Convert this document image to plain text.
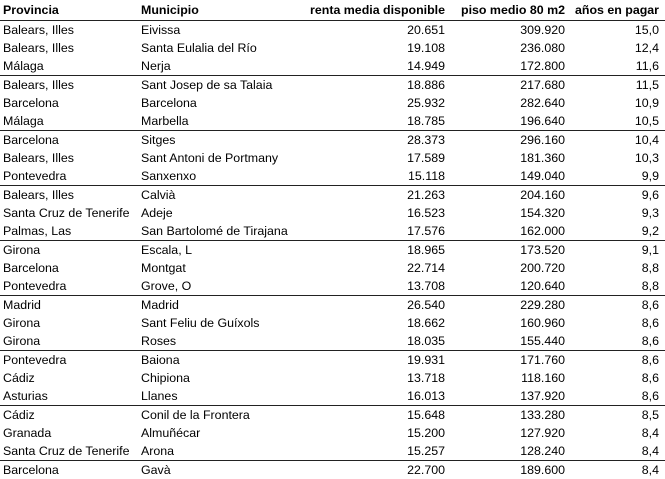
Provincia	Municipio	renta media disponible	piso medio 80 m2	años en pagar
Balears, Illes	Eivissa	20.651	309.920	15,0
Balears, Illes	Santa Eulalia del Río	19.108	236.080	12,4
Málaga	Nerja	14.949	172.800	11,6
Balears, Illes	Sant Josep de sa Talaia	18.886	217.680	11,5
Barcelona	Barcelona	25.932	282.640	10,9
Málaga	Marbella	18.785	196.640	10,5
Barcelona	Sitges	28.373	296.160	10,4
Balears, Illes	Sant Antoni de Portmany	17.589	181.360	10,3
Pontevedra	Sanxenxo	15.118	149.040	9,9
Balears, Illes	Calvià	21.263	204.160	9,6
Santa Cruz de Tenerife	Adeje	16.523	154.320	9,3
Palmas, Las	San Bartolomé de Tirajana	17.576	162.000	9,2
Girona	Escala, L	18.965	173.520	9,1
Barcelona	Montgat	22.714	200.720	8,8
Pontevedra	Grove, O	13.708	120.640	8,8
Madrid	Madrid	26.540	229.280	8,6
Girona	Sant Feliu de Guíxols	18.662	160.960	8,6
Girona	Roses	18.035	155.440	8,6
Pontevedra	Baiona	19.931	171.760	8,6
Cádiz	Chipiona	13.718	118.160	8,6
Asturias	Llanes	16.013	137.920	8,6
Cádiz	Conil de la Frontera	15.648	133.280	8,5
Granada	Almuñécar	15.200	127.920	8,4
Santa Cruz de Tenerife	Arona	15.257	128.240	8,4
Barcelona	Gavà	22.700	189.600	8,4
